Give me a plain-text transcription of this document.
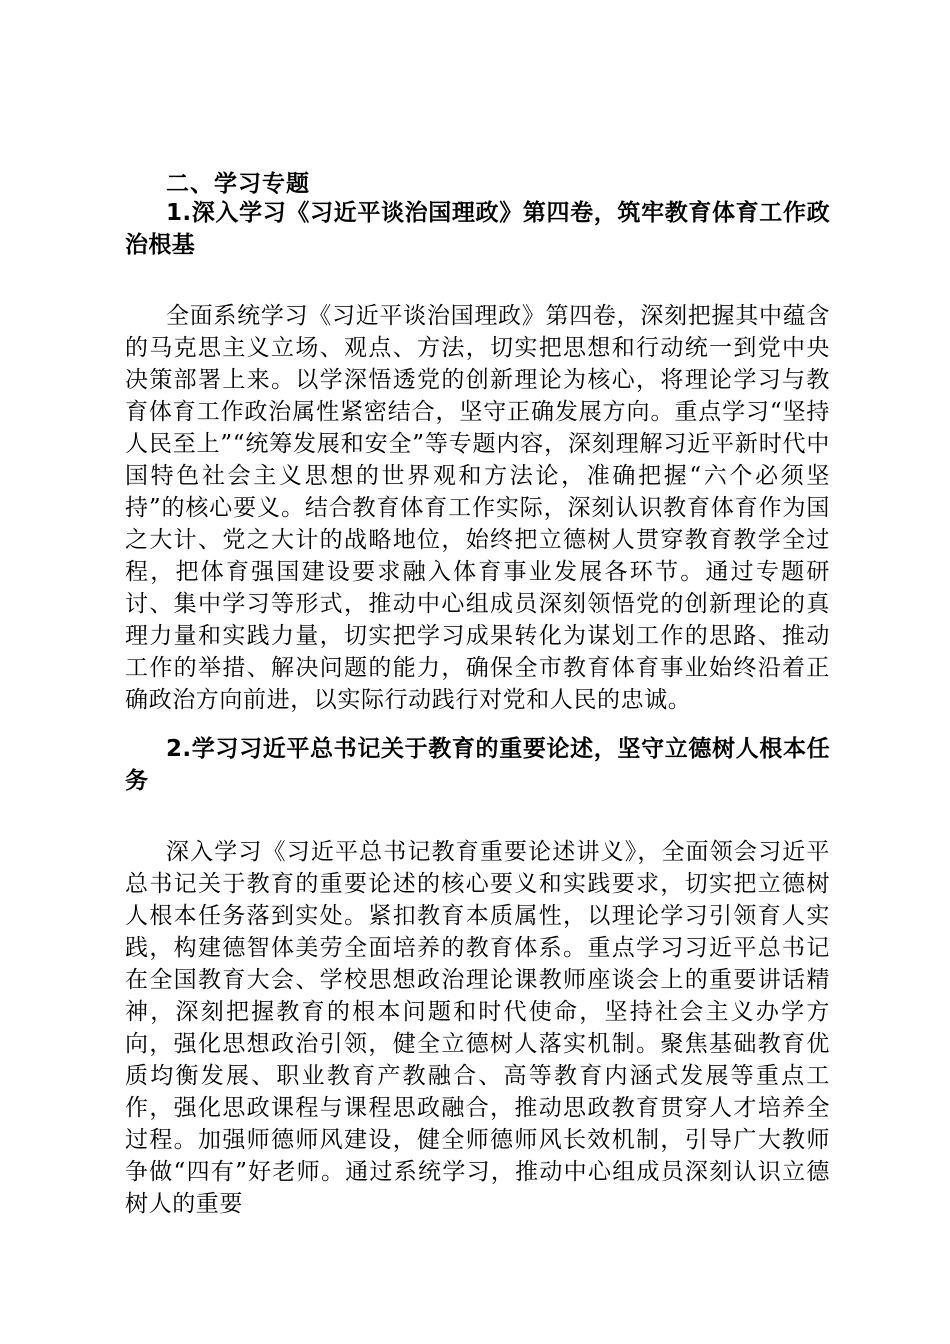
二、学习专题
1.深入学习《习近平谈治国理政》第四卷，筑牢教育体育工作政治根基

全面系统学习《习近平谈治国理政》第四卷，深刻把握其中蕴含的马克思主义立场、观点、方法，切实把思想和行动统一到党中央决策部署上来。以学深悟透党的创新理论为核心，将理论学习与教育体育工作政治属性紧密结合，坚守正确发展方向。重点学习“坚持人民至上”“统筹发展和安全”等专题内容，深刻理解习近平新时代中国特色社会主义思想的世界观和方法论，准确把握“六个必须坚持”的核心要义。结合教育体育工作实际，深刻认识教育体育作为国之大计、党之大计的战略地位，始终把立德树人贯穿教育教学全过程，把体育强国建设要求融入体育事业发展各环节。通过专题研讨、集中学习等形式，推动中心组成员深刻领悟党的创新理论的真理力量和实践力量，切实把学习成果转化为谋划工作的思路、推动工作的举措、解决问题的能力，确保全市教育体育事业始终沿着正确政治方向前进，以实际行动践行对党和人民的忠诚。

2.学习习近平总书记关于教育的重要论述，坚守立德树人根本任务

深入学习《习近平总书记教育重要论述讲义》，全面领会习近平总书记关于教育的重要论述的核心要义和实践要求，切实把立德树人根本任务落到实处。紧扣教育本质属性，以理论学习引领育人实践，构建德智体美劳全面培养的教育体系。重点学习习近平总书记在全国教育大会、学校思想政治理论课教师座谈会上的重要讲话精神，深刻把握教育的根本问题和时代使命，坚持社会主义办学方向，强化思想政治引领，健全立德树人落实机制。聚焦基础教育优质均衡发展、职业教育产教融合、高等教育内涵式发展等重点工作，强化思政课程与课程思政融合，推动思政教育贯穿人才培养全过程。加强师德师风建设，健全师德师风长效机制，引导广大教师争做“四有”好老师。通过系统学习，推动中心组成员深刻认识立德树人的重要
